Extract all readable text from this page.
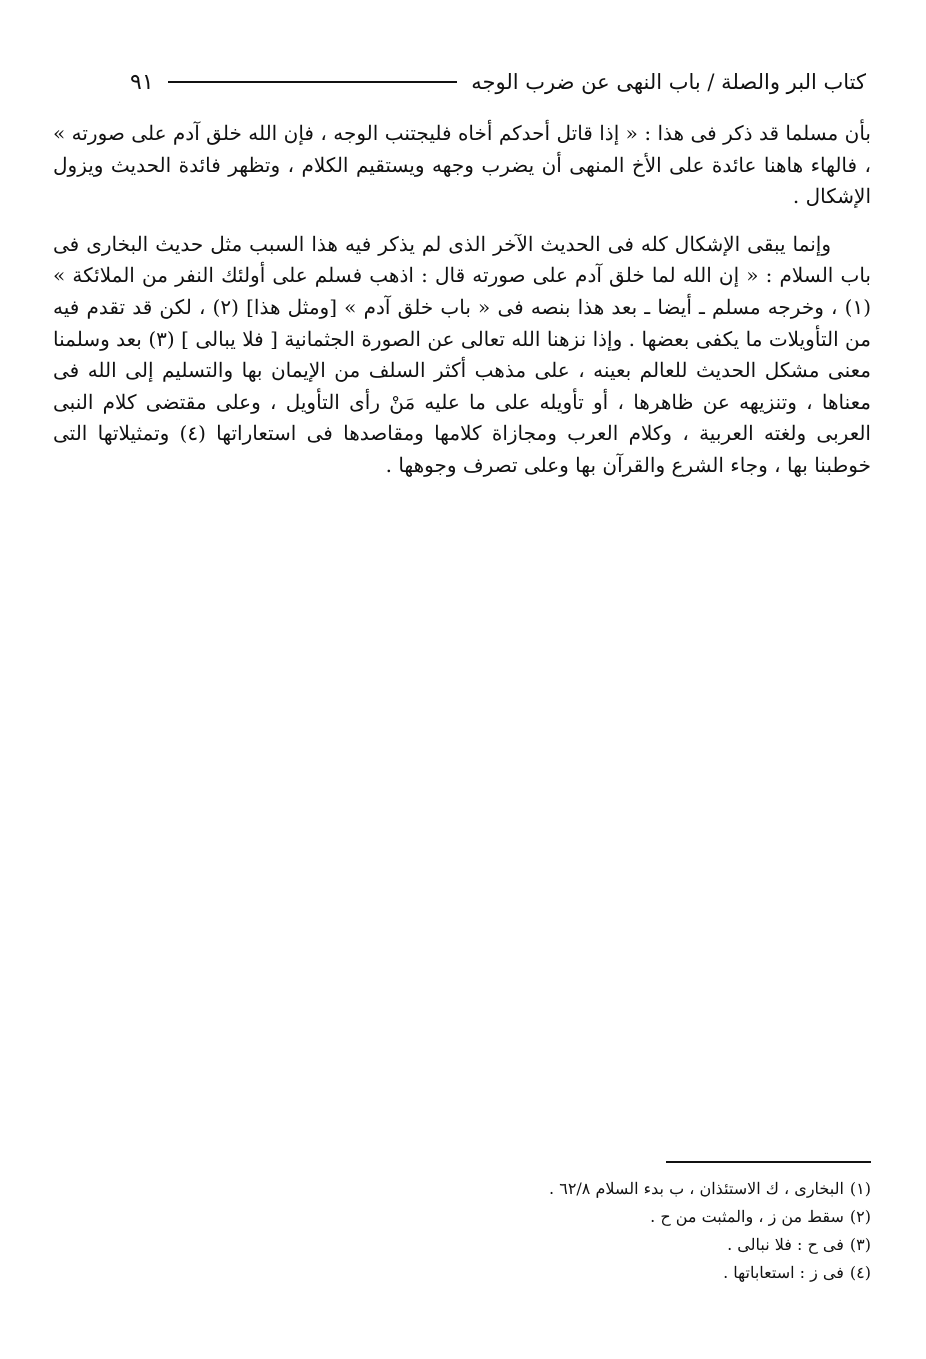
كتاب البر والصلة / باب النهى عن ضرب الوجه
٩١

بأن مسلما قد ذكر فى هذا : « إذا قاتل أحدكم أخاه فليجتنب الوجه ، فإن الله خلق آدم على صورته » ، فالهاء هاهنا عائدة على الأخ المنهى أن يضرب وجهه ويستقيم الكلام ، وتظهر فائدة الحديث ويزول الإشكال .

وإنما يبقى الإشكال كله فى الحديث الآخر الذى لم يذكر فيه هذا السبب مثل حديث البخارى فى باب السلام : « إن الله لما خلق آدم على صورته قال : اذهب فسلم على أولئك النفر من الملائكة » (١) ، وخرجه مسلم ـ أيضا ـ بعد هذا بنصه فى « باب خلق آدم » [ومثل هذا] (٢) ، لكن قد تقدم فيه من التأويلات ما يكفى بعضها . وإذا نزهنا الله تعالى عن الصورة الجثمانية [ فلا يبالى ] (٣) بعد وسلمنا معنى مشكل الحديث للعالم بعينه ، على مذهب أكثر السلف من الإيمان بها والتسليم إلى الله فى معناها ، وتنزيهه عن ظاهرها ، أو تأويله على ما عليه مَنْ رأى التأويل ، وعلى مقتضى كلام النبى العربى ولغته العربية ، وكلام العرب ومجازاة كلامها ومقاصدها فى استعاراتها (٤) وتمثيلاتها التى خوطبنا بها ، وجاء الشرع والقرآن بها وعلى تصرف وجوهها .

(١)البخارى ، ك الاستئذان ، ب بدء السلام ٦٢/٨ .
(٢)سقط من ز ، والمثبت من ح .
(٣)فى ح : فلا نبالى .
(٤)فى ز : استعاباتها .
